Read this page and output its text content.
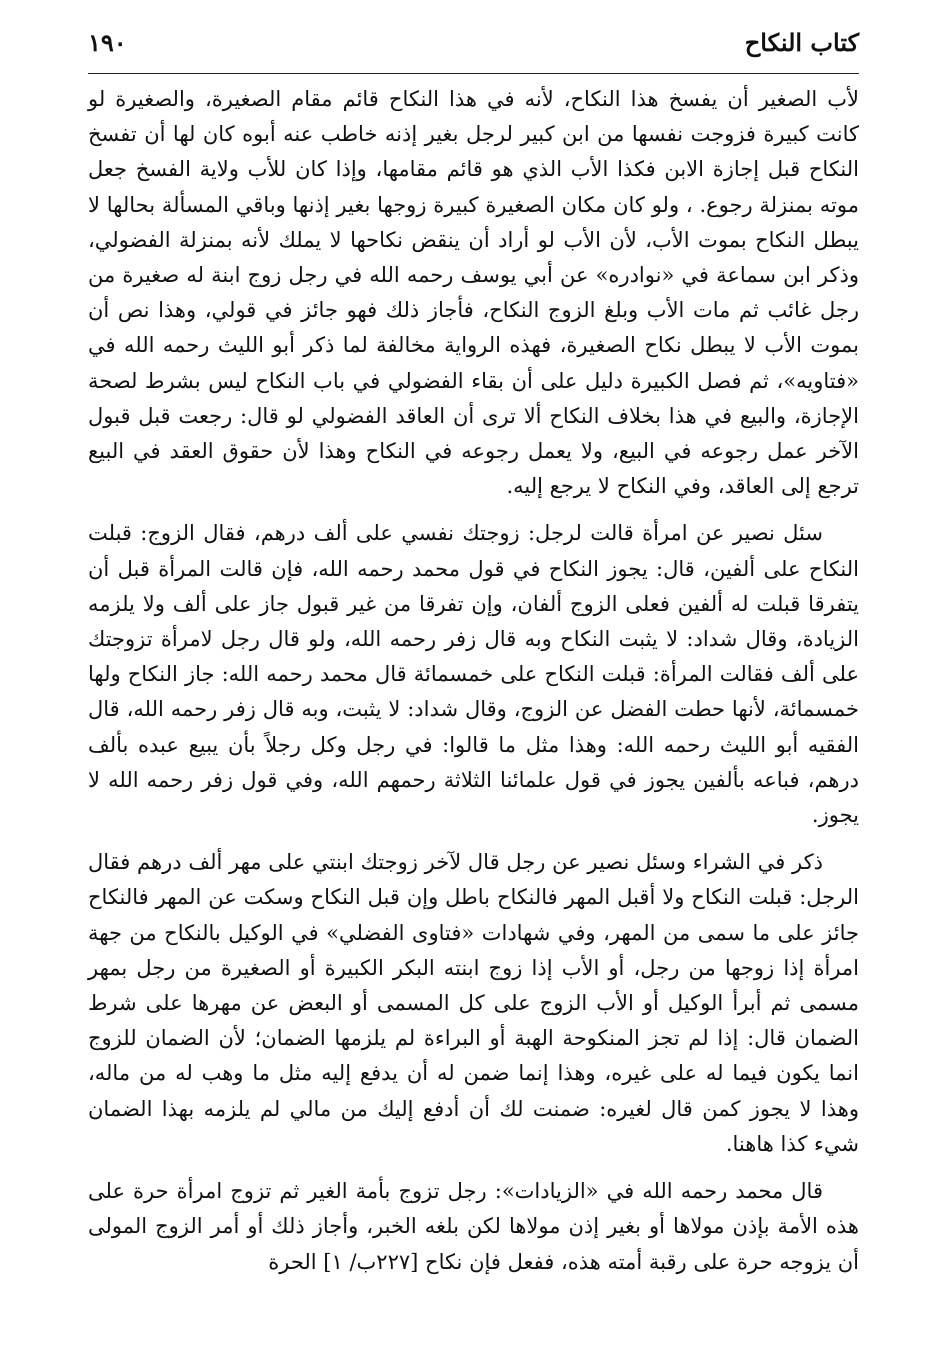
كتاب النكاح
١٩٠

لأب الصغير أن يفسخ هذا النكاح، لأنه في هذا النكاح قائم مقام الصغيرة، والصغيرة لو كانت كبيرة فزوجت نفسها من ابن كبير لرجل بغير إذنه خاطب عنه أبوه كان لها أن تفسخ النكاح قبل إجازة الابن فكذا الأب الذي هو قائم مقامها، وإذا كان للأب ولاية الفسخ جعل موته بمنزلة رجوع. ، ولو كان مكان الصغيرة كبيرة زوجها بغير إذنها وباقي المسألة بحالها لا يبطل النكاح بموت الأب، لأن الأب لو أراد أن ينقض نكاحها لا يملك لأنه بمنزلة الفضولي، وذكر ابن سماعة في «نوادره» عن أبي يوسف رحمه الله في رجل زوج ابنة له صغيرة من رجل غائب ثم مات الأب وبلغ الزوج النكاح، فأجاز ذلك فهو جائز في قولي، وهذا نص أن بموت الأب لا يبطل نكاح الصغيرة، فهذه الرواية مخالفة لما ذكر أبو الليث رحمه الله في «فتاويه»، ثم فصل الكبيرة دليل على أن بقاء الفضولي في باب النكاح ليس بشرط لصحة الإجازة، والبيع في هذا بخلاف النكاح ألا ترى أن العاقد الفضولي لو قال: رجعت قبل قبول الآخر عمل رجوعه في البيع، ولا يعمل رجوعه في النكاح وهذا لأن حقوق العقد في البيع ترجع إلى العاقد، وفي النكاح لا يرجع إليه.

سئل نصير عن امرأة قالت لرجل: زوجتك نفسي على ألف درهم، فقال الزوج: قبلت النكاح على ألفين، قال: يجوز النكاح في قول محمد رحمه الله، فإن قالت المرأة قبل أن يتفرقا قبلت له ألفين فعلى الزوج ألفان، وإن تفرقا من غير قبول جاز على ألف ولا يلزمه الزيادة، وقال شداد: لا يثبت النكاح وبه قال زفر رحمه الله، ولو قال رجل لامرأة تزوجتك على ألف فقالت المرأة: قبلت النكاح على خمسمائة قال محمد رحمه الله: جاز النكاح ولها خمسمائة، لأنها حطت الفضل عن الزوج، وقال شداد: لا يثبت، وبه قال زفر رحمه الله، قال الفقيه أبو الليث رحمه الله: وهذا مثل ما قالوا: في رجل وكل رجلاً بأن يبيع عبده بألف درهم، فباعه بألفين يجوز في قول علمائنا الثلاثة رحمهم الله، وفي قول زفر رحمه الله لا يجوز.

ذكر في الشراء وسئل نصير عن رجل قال لآخر زوجتك ابنتي على مهر ألف درهم فقال الرجل: قبلت النكاح ولا أقبل المهر فالنكاح باطل وإن قبل النكاح وسكت عن المهر فالنكاح جائز على ما سمى من المهر، وفي شهادات «فتاوى الفضلي» في الوكيل بالنكاح من جهة امرأة إذا زوجها من رجل، أو الأب إذا زوج ابنته البكر الكبيرة أو الصغيرة من رجل بمهر مسمى ثم أبرأ الوكيل أو الأب الزوج على كل المسمى أو البعض عن مهرها على شرط الضمان قال: إذا لم تجز المنكوحة الهبة أو البراءة لم يلزمها الضمان؛ لأن الضمان للزوج انما يكون فيما له على غيره، وهذا إنما ضمن له أن يدفع إليه مثل ما وهب له من ماله، وهذا لا يجوز كمن قال لغيره: ضمنت لك أن أدفع إليك من مالي لم يلزمه بهذا الضمان شيء كذا هاهنا.

قال محمد رحمه الله في «الزيادات»: رجل تزوج بأمة الغير ثم تزوج امرأة حرة على هذه الأمة بإذن مولاها أو بغير إذن مولاها لكن بلغه الخبر، وأجاز ذلك أو أمر الزوج المولى أن يزوجه حرة على رقبة أمته هذه، ففعل فإن نكاح [٢٢٧ب/ ١] الحرة
